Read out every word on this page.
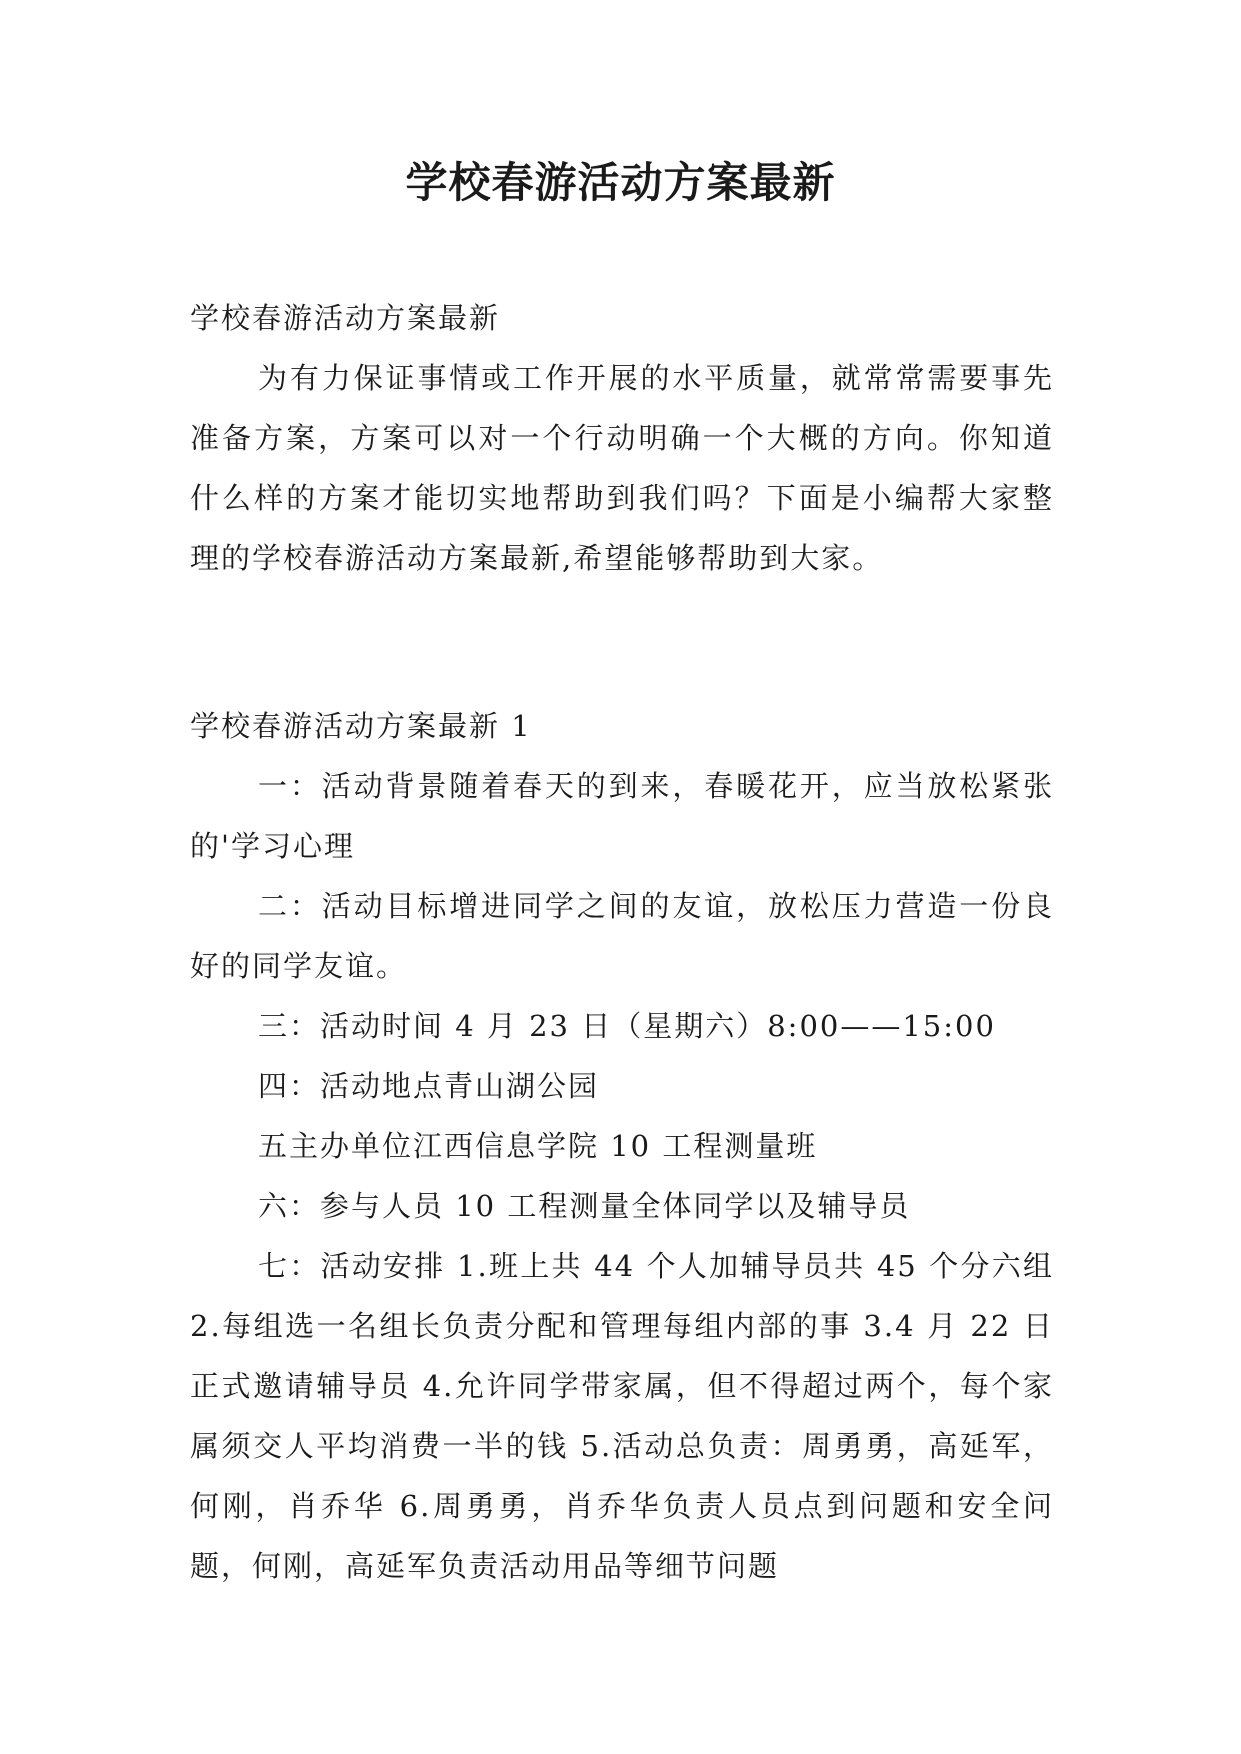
学校春游活动方案最新

学校春游活动方案最新

为有力保证事情或工作开展的水平质量，就常常需要事先准备方案，方案可以对一个行动明确一个大概的方向。你知道什么样的方案才能切实地帮助到我们吗？下面是小编帮大家整理的学校春游活动方案最新,希望能够帮助到大家。

学校春游活动方案最新 1

一：活动背景随着春天的到来，春暖花开，应当放松紧张的'学习心理

二：活动目标增进同学之间的友谊，放松压力营造一份良好的同学友谊。

三：活动时间 4 月 23 日（星期六）8:00——15:00

四：活动地点青山湖公园

五主办单位江西信息学院 10 工程测量班

六：参与人员 10 工程测量全体同学以及辅导员

七：活动安排 1.班上共 44 个人加辅导员共 45 个分六组 2.每组选一名组长负责分配和管理每组内部的事 3.4 月 22 日正式邀请辅导员 4.允许同学带家属，但不得超过两个，每个家属须交人平均消费一半的钱 5.活动总负责：周勇勇，高延军，何刚，肖乔华 6.周勇勇，肖乔华负责人员点到问题和安全问题，何刚，高延军负责活动用品等细节问题
